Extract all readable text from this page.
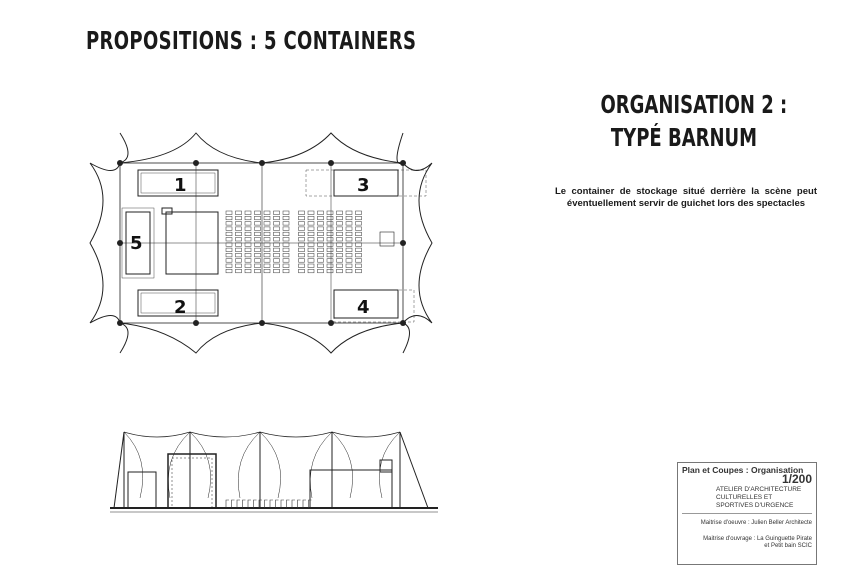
PROPOSITIONS : 5 CONTAINERS
ORGANISATION 2 :
TYPÉ BARNUM
Le container de stockage situé derrière la scène peut éventuellement servir de guichet lors des spectacles
1
2
3
4
5
Plan et Coupes : Organisation
1/200
ATELIER D'ARCHITECTURE
CULTURELLES ET
SPORTIVES D'URGENCE
Maitrise d'oeuvre : Julien Beller Architecte
Maitrise d'ouvrage : La Guinguette Pirate
et Petit bain SCIC
